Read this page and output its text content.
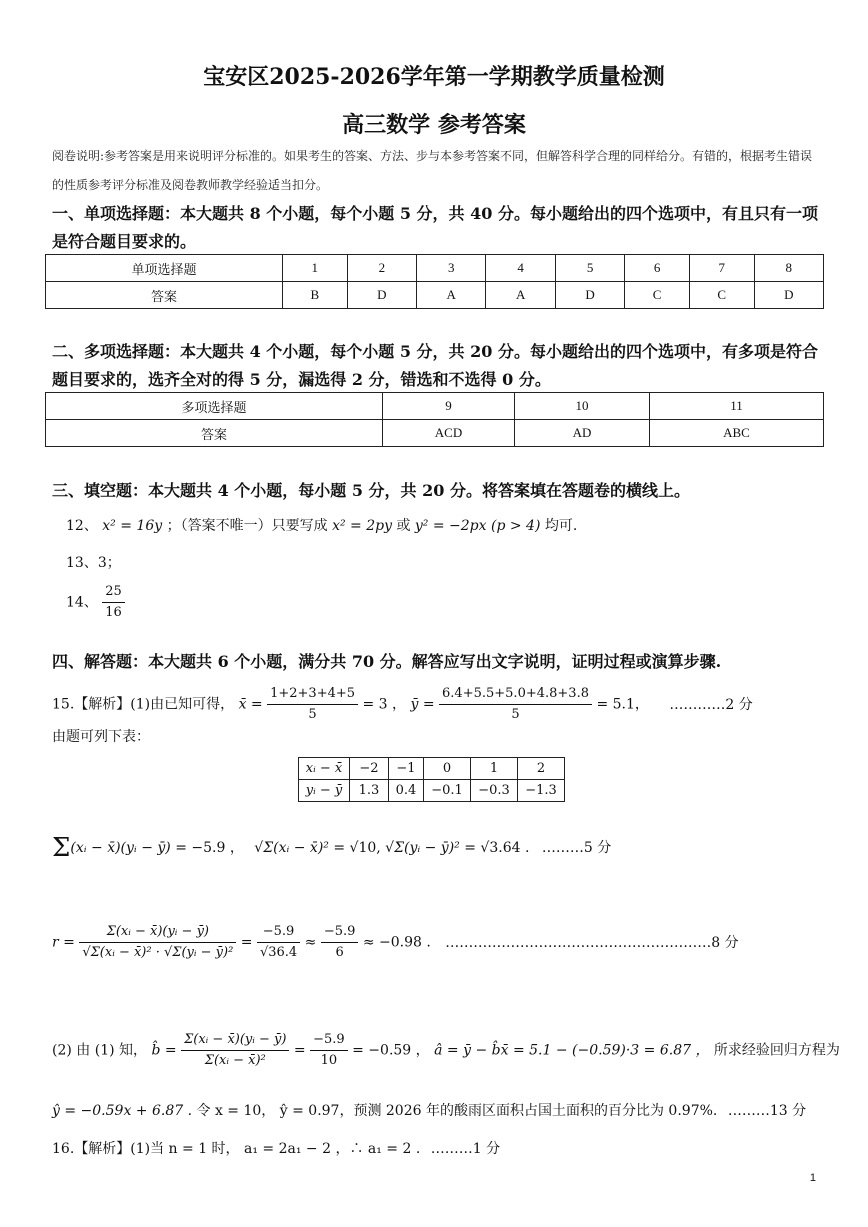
宝安区2025-2026学年第一学期教学质量检测
高三数学 参考答案
阅卷说明:参考答案是用来说明评分标准的。如果考生的答案、方法、步与本参考答案不同，但解答科学合理的同样给分。有错的，根据考生错误的性质参考评分标准及阅卷教师教学经验适当扣分。
一、单项选择题：本大题共 8 个小题，每个小题 5 分，共 40 分。每小题给出的四个选项中，有且只有一项是符合题目要求的。
单项选择题	1	2	3	4	5	6	7	8
答案	B	D	A	A	D	C	C	D
二、多项选择题：本大题共 4 个小题，每个小题 5 分，共 20 分。每小题给出的四个选项中，有多项是符合题目要求的，选齐全对的得 5 分，漏选得 2 分，错选和不选得 0 分。
多项选择题	9	10	11
答案	ACD	AD	ABC
三、填空题：本大题共 4 个小题，每小题 5 分，共 20 分。将答案填在答题卷的横线上。
12、 x² = 16y ；（答案不唯一）只要写成 x² = 2py 或 y² = −2px (p > 4) 均可.
13、3；
14、 $\frac{25}{16}$
四、解答题：本大题共 6 个小题，满分共 70 分。解答应写出文字说明，证明过程或演算步骤.
15.【解析】(1)由已知可得， x̄ = $\frac{1+2+3+4+5}{5} = 3$ ， ȳ = $\frac{6.4+5.5+5.0+4.8+3.8}{5} = 5.1$， …………2 分
由题可列下表：
xᵢ − x̄	−2	−1	0	1	2
yᵢ − ȳ	1.3	0.4	−0.1	−0.3	−1.3
Σ(xᵢ − x̄)(yᵢ − ȳ) = −5.9 ， √Σ(xᵢ − x̄)² = √10, √Σ(yᵢ − ȳ)² = √3.64 . ………5 分
$r = \frac{\text{Σ(xᵢ − x̄)(yᵢ − ȳ)}}{\text{√Σ(xᵢ − x̄)² · √Σ(yᵢ − ȳ)²}} = \frac{-5.9}{√36.4} \approx \frac{-5.9}{6} \approx -0.98$ . …………………………………………………8 分
(2) 由 (1) 知， b̂ = $\frac{\text{Σ(xᵢ − x̄)(yᵢ − ȳ)}}{\text{Σ(xᵢ − x̄)²}} = \frac{-5.9}{10} = -0.59$ ， â = ȳ − b̂x̄ = 5.1 − (−0.59)·3 = 6.87 ， 所求经验回归方程为
ŷ = −0.59x + 6.87 . 令 x = 10， ŷ = 0.97，预测 2026 年的酸雨区面积占国土面积的百分比为 0.97%. ………13 分
16.【解析】(1)当 n = 1 时， a₁ = 2a₁ − 2 ，∴ a₁ = 2 . ………1 分
1
